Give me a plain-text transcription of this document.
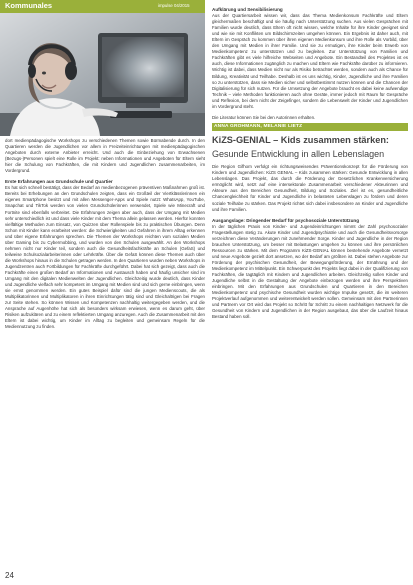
Kommunales	impulse 04/2015

dort medienpädagogische Workshops zu verschiedenen Themen sowie Bürmabende durch. In den Quartieren werden die Jugendlichen vor allem in Freizeiteinrichtungen mit medienpädagogischen Angeboten durch externe Anbieter erreicht. Und auch die Einbeziehung von Erwachsenen (Bezugs-)Personen spielt eine Rolle im Projekt: neben Informationen und Angeboten für Eltern sieht hier die Schulung von Fachkräften, die mit Kindern und Jugendlichen zusammenarbeiten, im Vordergrund.

Erste Erfahrungen aus Grundschule und Quartier

Es hat sich schnell bestätigt, dass der Bedarf an medienbezogenen präventiven Maßnahmen groß ist. Bereits bei Erhebungen an den Grundschulen zeigten, dass ein Großteil der Viertklässlerinnen ein eigenes Smartphone besitzt und mit allen Messenger-Apps und Spiele nutzt: WhatsApp, YouTube, Snapchat und TikTok werden von vielen Grundschülerinnen verwendet, Spiele wie Minecraft und Fortnite sind ebenfalls verbreitet. Die Erfahrungen zeigen aber auch, dass der Umgang mit Medien sehr unterschiedlich ist und dass viele Kinder mit dem Thema allein gelassen werden. Hierfür konnten vielfältige Methoden zum Einsatz, von Quizzen über Rollenspiele bis zu praktischen Übungen. Denn Schon mit Kinder kann erarbeitet werden: die Schwierigkeiten und Gefahren in ihrem Alltag erkennen und über eigene Erfahrungen sprechen. Die Themen der Workshops reichten vom sozialen Medien über Gaming bis zu Cybermobbing, und wurden von den Schulen ausgewählt. An den Workshops nehmen nicht nur Kinder teil, sondern auch die Gesundheitsfachkräfte an Schulen (GefaS) und teilweise Schulsozialarbeiterinnen oder Lehrkräfte. Über die GefaS können diese Themen auch über die Workshops hinaus in die Schulen getragen werden. In den Quartieren wurden neben Workshops in Jugendzentren auch Fortbildungen für Fachkräfte durchgeführt. Dabei hat sich gezeigt, dass auch die Fachkräfte einen großen Bedarf an Informationen und Austausch haben und häufig unsicher sind im Umgang mit den digitalen Medienwelten der Jugendlichen. Gleichzeitig wurde deutlich, dass Kinder und Jugendliche vielfach sehr kompetent im Umgang mit Medien sind und sich gerne einbringen, wenn sie ernst genommen werden. Ein gutes Beispiel dafür sind die jungen Medienscouts, die als Multiplikatorinnen und Multiplikatoren in ihren Einrichtungen tätig sind und Gleichaltrigen bei Fragen zur Seite stehen. So können Wissen und Kompetenzen nachhaltig weitergegeben werden, und die Ansprache auf Augenhöhe hat sich als besonders wirksam erwiesen, wenn es darum geht, über Risiken aufzuklären und zu einem reflektierten Umgang anzuregen. Auch die Zusammenarbeit mit den Eltern ist dabei wichtig, um Kinder im Alltag zu begleiten und gemeinsam Regeln für die Mediennutzung zu finden.

Aufklärung und Sensibilisierung

Aus der Quartiersarbeit wissen wir, dass das Thema Medienkonsum Fachkräfte und Eltern gleichermaßen beschäftigt und sie häufig nach Unterstützung suchen. Aus vielen Gesprächen mit Familien wurde deutlich, dass Eltern oft nicht wissen, welche Inhalte für ihre Kinder geeignet sind und wie sie mit Konflikten um Bildschirmzeiten umgehen können. Ein Ergebnis ist daher auch, mit Eltern im Gespräch zu kommen über ihren eigenen Medienkonsum und ihre Rolle als Vorbild, über den Umgang mit Medien in ihrer Familie. Und sie zu ermutigen, ihre Kinder beim Erwerb von Medienkompetenz zu unterstützen und zu begleiten. Zur Unterstützung von Familien und Fachkräften gibt es viele hilfreiche Webseiten und Angebote. Ein Bestandteil des Projektes ist es auch, diese Informationen zugänglich zu machen und Eltern wie Fachkräfte darüber zu informieren. Wichtig ist dabei, dass Medien nicht nur als Risiko betrachtet werden, sondern auch als Chance für Bildung, Kreativität und Teilhabe. Deshalb ist es uns wichtig, Kinder, Jugendliche und ihre Familien so zu unterstützen, dass sie Medien sicher und selbstbestimmt nutzen können und die Chancen der Digitalisierung für sich nutzen. Für die Umsetzung der Angebote braucht es dabei keine aufwendige Technik – viele Methoden funktionieren auch ohne Geräte, immer jedoch mit Raum für Gespräche und Reflexion, bei dem nicht der Zeigefinger, sondern die Lebenswelt der Kinder und Jugendlichen im Vordergrund steht.

Die Literatur können Sie bei den Autorinnen erhalten.

ANNA GROHMANN, MELANIE LIETZ

KiZS-GENIAL – Kids zusammen stärken:

Gesunde Entwicklung in allen Lebenslagen

Die Region Gifhorn verfolgt ein richtungsweisendes Präventionskonzept für die Förderung von Kindern und Jugendlichen: KiZS GENIAL – Kids zusammen stärken: Gesunde Entwicklung in allen Lebenslagen. Das Projekt, das durch die Förderung der Gesetzlichen Krankenversicherung ermöglicht wird, setzt auf eine intersektorale Zusammenarbeit verschiedener Akteurinnen und Akteure aus den Bereichen Gesundheit, Bildung und Soziales. Ziel ist es, gesundheitliche Chancengleichheit für Kinder und Jugendliche in belasteten Lebenslagen zu fördern und deren soziale Teilhabe zu stärken. Das Projekt richtet sich dabei insbesondere an Kinder und Jugendliche und ihre Familien.

Ausgangslage: Dringender Bedarf für psychosoziale Unterstützung

In der täglichen Praxis von Kinder- und Jugendeinrichtungen nimmt der Zahl psychosozialer Fragestellungen stetig zu. Akute Kinder und Jugendpsychiatrie und auch die Gesundheitsvorsorge verzeichnen diese Veränderungen mit zunehmender Sorge. Kinder und Jugendliche in der Region brauchen Unterstützung, um besser mit Belastungen umgehen zu können und ihre persönlichen Ressourcen zu stärken. Mit dem Programm KiZS-GENIAL können bestehende Angebote vernetzt und neue Angebote gezielt dort ansetzen, wo der Bedarf am größten ist. Dabei stehen Angebote zur Förderung der psychischen Gesundheit, der Bewegungsförderung, der Ernährung und der Medienkompetenz im Mittelpunkt. Ein Schwerpunkt des Projekts liegt dabei in der Qualifizierung von Fachkräften, die tagtäglich mit Kindern und Jugendlichen arbeiten. Gleichzeitig sollen Kinder und Jugendliche selbst in die Gestaltung der Angebote einbezogen werden und ihre Perspektiven einbringen. Mit den Erfahrungen aus Grundschulen und Quartieren in den Bereichen Medienkompetenz und psychische Gesundheit wurden wichtige Impulse gesetzt, die im weiteren Projektverlauf aufgenommen und weiterentwickelt werden sollen. Gemeinsam mit den Partnerinnen und Partnern vor Ort wird das Projekt so Schritt für Schritt zu einem nachhaltigen Netzwerk für die Gesundheit von Kindern und Jugendlichen in der Region ausgebaut, das über die Laufzeit hinaus Bestand haben soll.

24
